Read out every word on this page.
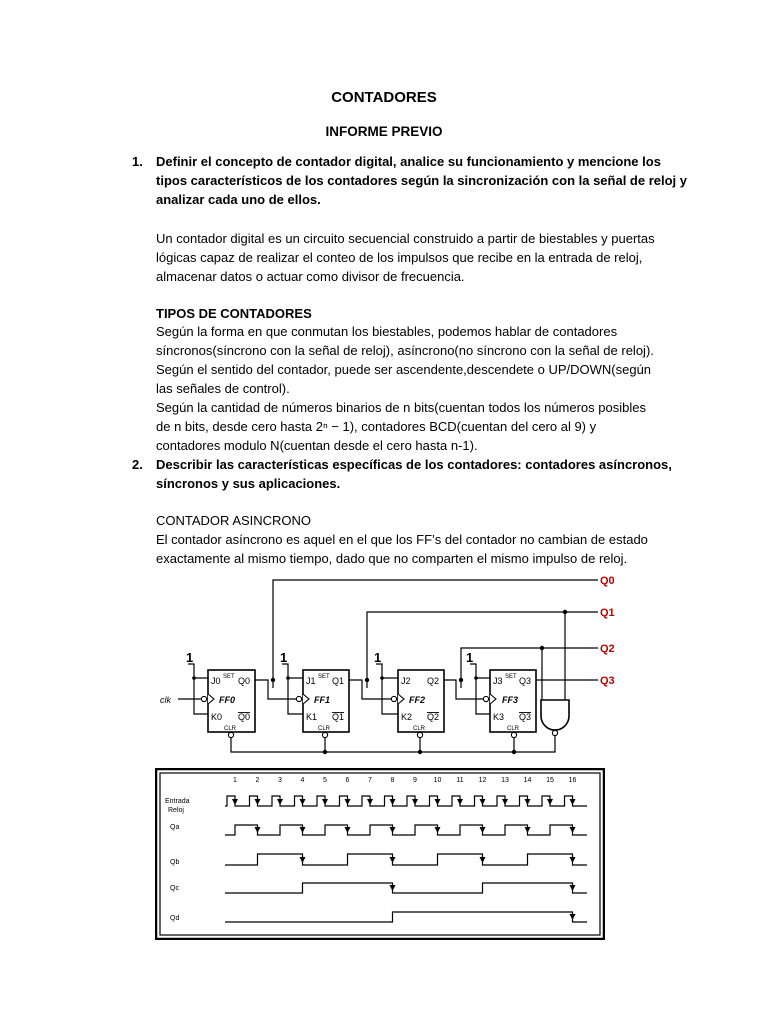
CONTADORES
INFORME PREVIO
1. Definir el concepto de contador digital, analice su funcionamiento y mencione los
tipos característicos de los contadores según la sincronización con la señal de reloj y
analizar cada uno de ellos.
Un contador digital es un circuito secuencial construido a partir de biestables y puertas
lógicas capaz de realizar el conteo de los impulsos que recibe en la entrada de reloj,
almacenar datos o actuar como divisor de frecuencia.
TIPOS DE CONTADORES
Según la forma en que conmutan los biestables, podemos hablar de contadores
síncronos(síncrono con la señal de reloj), asíncrono(no síncrono con la señal de reloj).
Según el sentido del contador, puede ser ascendente,descendete o UP/DOWN(según
las señales de control).
Según la cantidad de números binarios de n bits(cuentan todos los números posibles
de n bits, desde cero hasta 2ⁿ − 1), contadores BCD(cuentan del cero al 9) y
contadores modulo N(cuentan desde el cero hasta n-1).
2. Describir las características específicas de los contadores: contadores asíncronos,
síncronos y sus aplicaciones.
CONTADOR ASINCRONO
El contador asíncrono es aquel en el que los FF’s del contador no cambian de estado
exactamente al mismo tiempo, dado que no comparten el mismo impulso de reloj.
Q0
Q1
Q2
Q3
1	1	1	1
clk
J0 SET Q0
FF0
K0 Q0
CLR
J1 SET Q1
FF1
K1 Q1
CLR
J2 Q2
FF2
K2 Q2
CLR
J3 SET Q3
FF3
K3 Q3
CLR
Entrada
Reloj
Qa
Qb
Qc
Qd
1	2	3	4	5	6	7	8	9 10 11 12 13 14 15 16
